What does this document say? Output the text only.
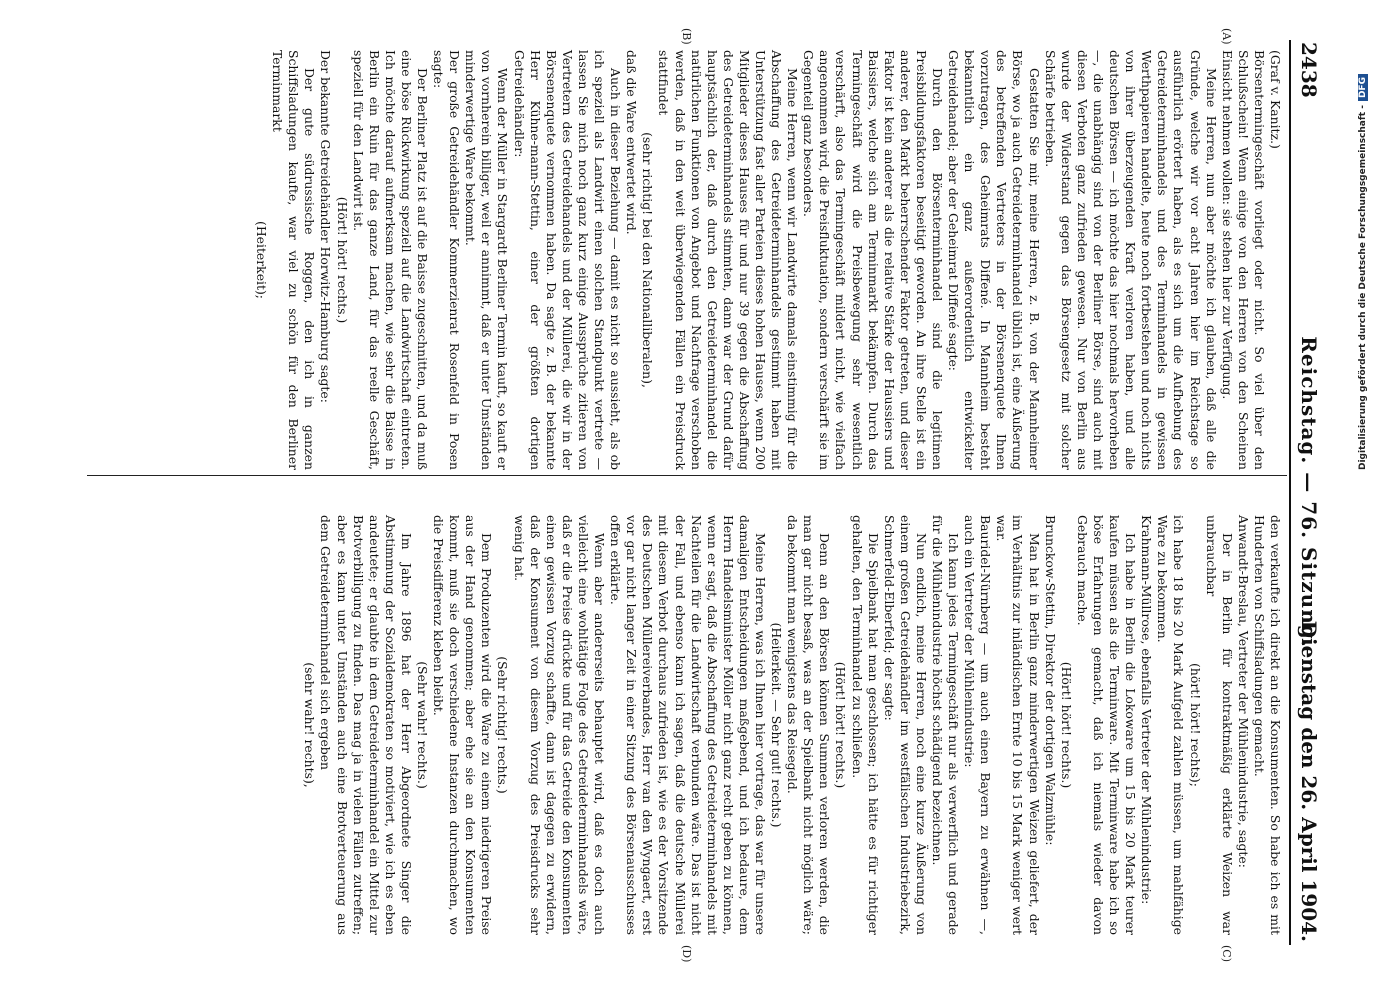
2438
Reichstag. — 76. Sitzung.
Dienstag den 26. April 1904.
(A)
(B)
(C)
(D)

(Graf v. Kanitz.)

Börsentermingeschäft vorliegt oder nicht. So viel über den Schlußschein! Wenn einige von den Herren von den Scheinen Einsicht nehmen wollen: sie stehen hier zur Verfügung.

Meine Herren, nun aber möchte ich glauben, daß alle die Gründe, welche wir vor acht Jahren hier im Reichstage so ausführlich erörtert haben, als es sich um die Aufhebung des Getreideterminhandels und des Terminhandels in gewissen Werthpapieren handelte, heute noch fortbestehen und noch nichts von ihrer überzeugenden Kraft verloren haben, und alle deutschen Börsen — ich möchte das hier nochmals hervorheben —, die unabhängig sind von der Berliner Börse, sind auch mit diesen Verboten ganz zufrieden gewesen. Nur von Berlin aus wurde der Widerstand gegen das Börsengesetz mit solcher Schärfe betrieben.

Gestatten Sie mir, meine Herren, z. B. von der Mannheimer Börse, wo ja auch Getreideterminhandel üblich ist, eine Äußerung des betreffenden Vertreters in der Börsenenquete Ihnen vorzutragen, des Geheimrats Diffené. In Mannheim besteht bekanntlich ein ganz außerordentlich entwickelter Getreidehandel; aber der Geheimrat Diffené sagte:

Durch den Börsenterminhandel sind die legitimen Preisbildungsfaktoren beseitigt geworden. An ihre Stelle ist ein anderer, den Markt beherrschender Faktor getreten, und dieser Faktor ist kein anderer als die relative Stärke der Haussiers und Baissiers, welche sich am Terminmarkt bekämpfen. Durch das Termingeschäft wird die Preisbewegung sehr wesentlich verschärft, also das Termingeschäft mildert nicht, wie vielfach angenommen wird, die Preisfluktuation, sondern verschärft sie im Gegenteil ganz besonders.

Meine Herren, wenn wir Landwirte damals einstimmig für die Abschaffung des Getreideterminhandels gestimmt haben mit Unterstützung fast aller Parteien dieses hohen Hauses, wenn 200 Mitglieder dieses Hauses für und nur 39 gegen die Abschaffung des Getreideterminhandels stimmten, dann war der Grund dafür hauptsächlich der, daß durch den Getreideterminhandel die natürlichen Funktionen von Angebot und Nachfrage verschoben werden, daß in den weit überwiegenden Fällen ein Preisdruck stattfindet

(sehr richtig! bei den Nationalliberalen),

daß die Ware entwertet wird.

Auch in dieser Beziehung — damit es nicht so aussieht, als ob ich speziell als Landwirt einen solchen Standpunkt vertrete — lassen Sie mich noch ganz kurz einige Aussprüche zitieren von Vertretern des Getreidehandels und der Müllerei, die wir in der Börsenenquete vernommen haben. Da sagte z. B. der bekannte Herr Kühne-mann-Stettin, einer der größten dortigen Getreidehändler:

Wenn der Müller in Stargardt Berliner Termin kauft, so kauft er von vornherein billiger, weil er annimmt, daß er unter Umständen minderwertige Ware bekommt.

Der große Getreidehändler Kommerzienrat Rosenfeld in Posen sagte:

Der Berliner Platz ist auf die Baisse zugeschnitten, und da muß eine böse Rückwirkung speziell auf die Landwirtschaft eintreten. Ich möchte darauf aufmerksam machen, wie sehr die Baisse in Berlin ein Ruin für das ganze Land, für das reelle Geschäft, speziell für den Landwirt ist.

(Hört! hört! rechts.)

Der bekannte Getreidehändler Horwitz-Hamburg sagte:

Der gute südrussische Roggen, den ich in ganzen Schiffsladungen kaufte, war viel zu schön für den Berliner Terminmarkt

(Heiterkeit);

den verkaufte ich direkt an die Konsumenten. So habe ich es mit Hunderten von Schiffsladungen gemacht.

Anwandt-Breslau, Vertreter der Mühlenindustrie, sagte:

Der in Berlin für kontraktmäßig erklärte Weizen war unbrauchbar

(hört! hört! rechts);

ich habe 18 bis 20 Mark Aufgeld zahlen müssen, um mahlfähige Ware zu bekommen.

Krahmann-Müllrose, ebenfalls Vertreter der Mühlenindustrie:

Ich habe in Berlin die Lokoware um 15 bis 20 Mark teurer kaufen müssen als die Terminware. Mit Terminware habe ich so böse Erfahrungen gemacht, daß ich niemals wieder davon Gebrauch mache.

(Hört! hört! rechts.)

Brunckow-Stettin, Direktor der dortigen Walzmühle:

Man hat in Berlin ganz minderwertigen Weizen geliefert, der im Verhältnis zur inländischen Ernte 10 bis 15 Mark weniger wert war.

Bauridel-Nürnberg — um auch einen Bayern zu erwähnen —, auch ein Vertreter der Mühlenindustrie:

Ich kann jedes Termingeschäft nur als verwerflich und gerade für die Mühlenindustrie höchst schädigend bezeichnen.

Nun endlich, meine Herren, noch eine kurze Äußerung von einem großen Getreidehändler im westfälischen Industriebezirk, Schmerfeld-Elberfeld; der sagte:

Die Spielbank hat man geschlossen; ich hätte es für richtiger gehalten, den Terminhandel zu schließen.

(Hört! hört! rechts.)

Denn an den Börsen können Summen verloren werden, die man gar nicht besaß, was an der Spielbank nicht möglich wäre; da bekommt man wenigstens das Reisegeld.

(Heiterkeit. — Sehr gut! rechts.)

Meine Herren, was ich Ihnen hier vortrage, das war für unsere damaligen Entscheidungen maßgebend, und ich bedaure, dem Herrn Handelsminister Möller nicht ganz recht geben zu können, wenn er sagt, daß die Abschaffung des Getreideterminhandels mit Nachteilen für die Landwirtschaft verbunden wäre. Das ist nicht der Fall, und ebenso kann ich sagen, daß die deutsche Müllerei mit diesem Verbot durchaus zufrieden ist, wie es der Vorsitzende des Deutschen Müllereiverbandes, Herr van den Wyngaert, erst vor gar nicht langer Zeit in einer Sitzung des Börsenausschusses offen erklärte.

Wenn aber andererseits behauptet wird, daß es doch auch vielleicht eine wohltätige Folge des Getreideterminhandels wäre, daß er die Preise drückte und für das Getreide den Konsumenten einen gewissen Vorzug schaffte, dann ist dagegen zu erwidern, daß der Konsument von diesem Vorzug des Preisdrucks sehr wenig hat.

(Sehr richtig! rechts.)

Dem Produzenten wird die Ware zu einem niedrigeren Preise aus der Hand genommen; aber ehe sie an den Konsumenten kommt, muß sie doch verschiedene Instanzen durchmachen, wo die Preisdifferenz kleben bleibt.

(Sehr wahr! rechts.)

Im Jahre 1896 hat der Herr Abgeordnete Singer die Abstimmung der Sozialdemokraten so motiviert, wie ich es eben andeutete; er glaubte in dem Getreideterminhandel ein Mittel zur Brotverbilligung zu finden. Das mag ja in vielen Fällen zutreffen; aber es kann unter Umständen auch eine Brotverteuerung aus dem Getreideterminhandel sich ergeben

(sehr wahr! rechts),

Digitalisierung gefördert durch die Deutsche Forschungsgemeinschaft -DFG
